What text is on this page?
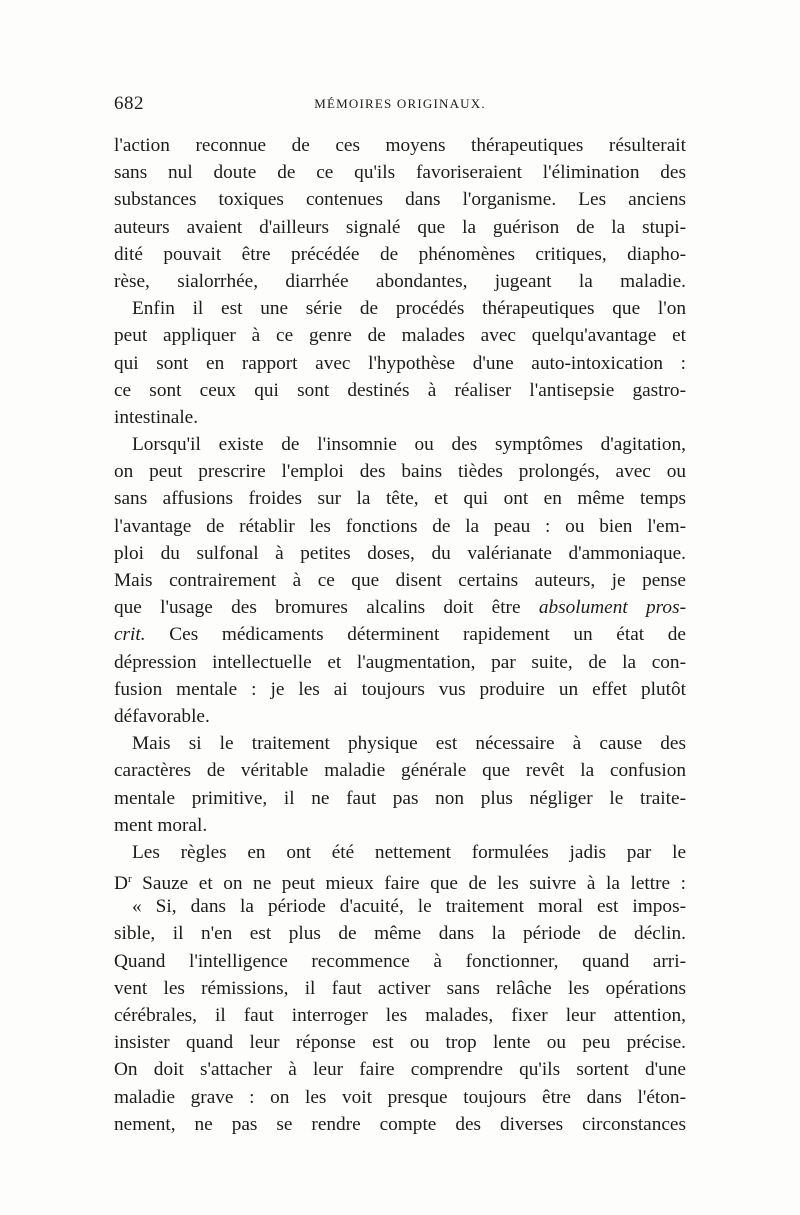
682	MÉMOIRES ORIGINAUX.
l'action reconnue de ces moyens thérapeutiques résulterait
sans nul doute de ce qu'ils favoriseraient l'élimination des
substances toxiques contenues dans l'organisme. Les anciens
auteurs avaient d'ailleurs signalé que la guérison de la stupi-
dité pouvait être précédée de phénomènes critiques, diapho-
rèse, sialorrhée, diarrhée abondantes, jugeant la maladie.
Enfin il est une série de procédés thérapeutiques que l'on
peut appliquer à ce genre de malades avec quelqu'avantage et
qui sont en rapport avec l'hypothèse d'une auto-intoxication :
ce sont ceux qui sont destinés à réaliser l'antisepsie gastro-
intestinale.
Lorsqu'il existe de l'insomnie ou des symptômes d'agitation,
on peut prescrire l'emploi des bains tièdes prolongés, avec ou
sans affusions froides sur la tête, et qui ont en même temps
l'avantage de rétablir les fonctions de la peau : ou bien l'em-
ploi du sulfonal à petites doses, du valérianate d'ammoniaque.
Mais contrairement à ce que disent certains auteurs, je pense
que l'usage des bromures alcalins doit être absolument pros-
crit. Ces médicaments déterminent rapidement un état de
dépression intellectuelle et l'augmentation, par suite, de la con-
fusion mentale : je les ai toujours vus produire un effet plutôt
défavorable.
Mais si le traitement physique est nécessaire à cause des
caractères de véritable maladie générale que revêt la confusion
mentale primitive, il ne faut pas non plus négliger le traite-
ment moral.
Les règles en ont été nettement formulées jadis par le
$D^r$ Sauze et on ne peut mieux faire que de les suivre à la lettre :
« Si, dans la période d'acuité, le traitement moral est impos-
sible, il n'en est plus de même dans la période de déclin.
Quand l'intelligence recommence à fonctionner, quand arri-
vent les rémissions, il faut activer sans relâche les opérations
cérébrales, il faut interroger les malades, fixer leur attention,
insister quand leur réponse est ou trop lente ou peu précise.
On doit s'attacher à leur faire comprendre qu'ils sortent d'une
maladie grave : on les voit presque toujours être dans l'éton-
nement, ne pas se rendre compte des diverses circonstances
